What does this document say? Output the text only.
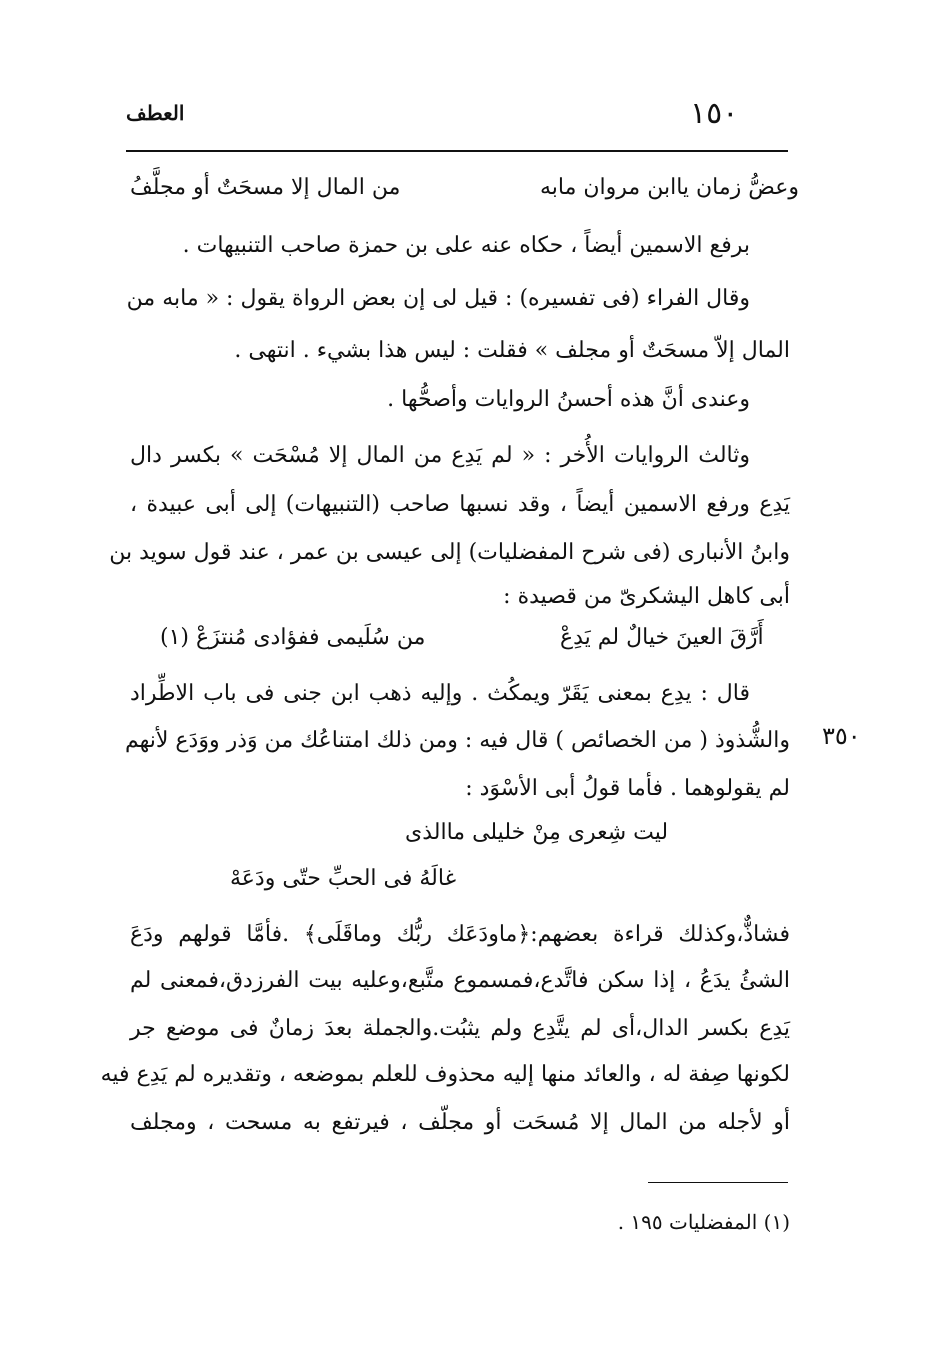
العطف	١٥٠
وعضُّ زمان ياابن مروان مابه
من المال إلا مسحَتٌ أو مجلَّفُ
برفع الاسمين أيضاً ، حكاه عنه على بن حمزة صاحب التنبيهات .
وقال الفراء (فى تفسيره) : قيل لى إن بعض الرواة يقول : « مابه من
المال إلاّ مسحَتٌ أو مجلف » فقلت : ليس هذا بشيء . انتهى .
وعندى أنَّ هذه أحسنُ الروايات وأصحُّها .
وثالث الروايات الأُخر : « لم يَدِع من المال إلا مُسْحَت » بكسر دال
يَدِع ورفع الاسمين أيضاً ، وقد نسبها صاحب (التنبيهات) إلى أبى عبيدة ،
وابنُ الأنبارى (فى شرح المفضليات) إلى عيسى بن عمر ، عند قول سويد بن
أبى كاهل اليشكرىّ من قصيدة :
أَرَّقَ العينَ خيالٌ لم يَدِعْ
من سُلَيمى ففؤادى مُنتزَعْ (١)
قال : يدِع بمعنى يَقَرّ ويمكُث . وإليه ذهب ابن جنى فى باب الاطِّراد
والشُّذوذ ( من الخصائص ) قال فيه : ومن ذلك امتناعُك من وَذر ووَدَع لأنهم
لم يقولوهما . فأما قولُ أبى الأسْوَد :
٣٥٠
ليت شِعرى مِنْ خليلى ماالذى
غالَهُ فى الحبِّ حتّى ودَعَهْ
فشاذٌّ،وكذلك قراءة بعضهم:﴿ماودَعَك ربُّك وماقَلَى﴾ .فأمَّا قولهم ودَعَ
الشئُ يدَعُ ، إذا سكن فاتَّدع،فمسموع متَّبع،وعليه بيت الفرزدق،فمعنى لم
يَدِع بكسر الدال،أى لم يتَّدِع ولم يثبُت.والجملة بعدَ زمانٌ فى موضع جر
لكونها صِفة له ، والعائد منها إليه محذوف للعلم بموضعه ، وتقديره لم يَدِع فيه
أو لأجله من المال إلا مُسحَت أو مجلّف ، فيرتفع به مسحت ، ومجلف
(١) المفضليات ١٩٥ .
